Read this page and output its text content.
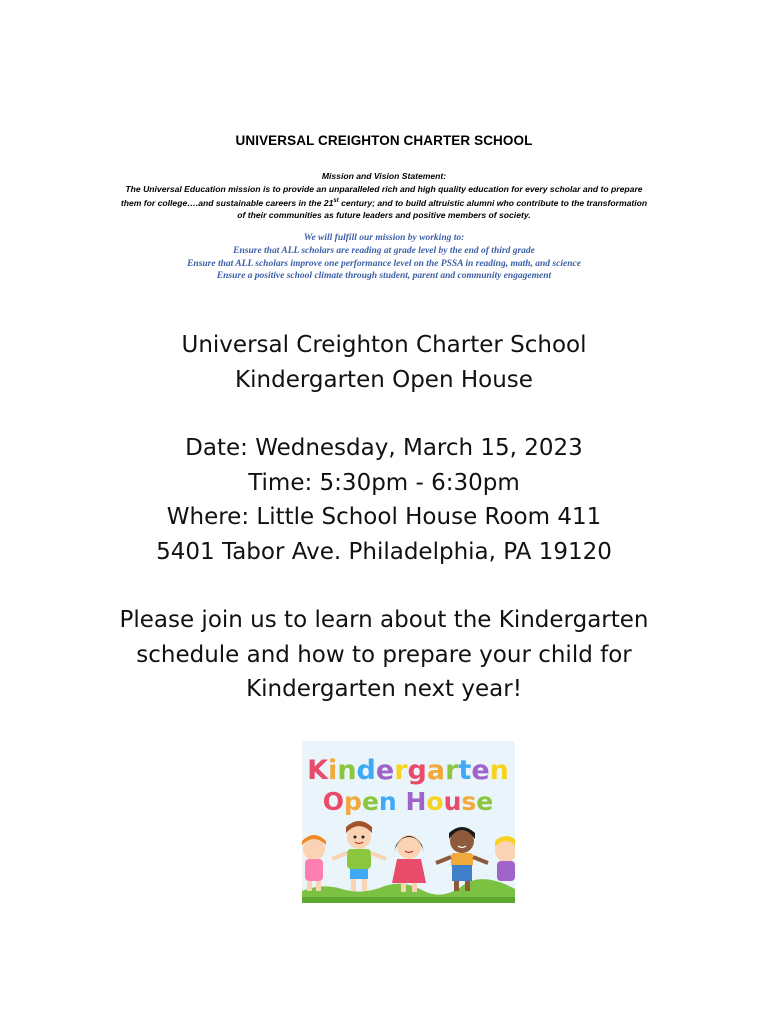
UNIVERSAL CREIGHTON CHARTER SCHOOL
Mission and Vision Statement:
The Universal Education mission is to provide an unparalleled rich and high quality education for every scholar and to prepare
them for college….and sustainable careers in the 21st century; and to build altruistic alumni who contribute to the transformation
of their communities as future leaders and positive members of society.
We will fulfill our mission by working to:
Ensure that ALL scholars are reading at grade level by the end of third grade
Ensure that ALL scholars improve one performance level on the PSSA in reading, math, and science
Ensure a positive school climate through student, parent and community engagement
Universal Creighton Charter School
Kindergarten Open House
Date: Wednesday, March 15, 2023
Time: 5:30pm - 6:30pm
Where: Little School House Room 411
5401 Tabor Ave. Philadelphia, PA 19120
Please join us to learn about the Kindergarten
schedule and how to prepare your child for
Kindergarten next year!
Kindergarten
Open House
